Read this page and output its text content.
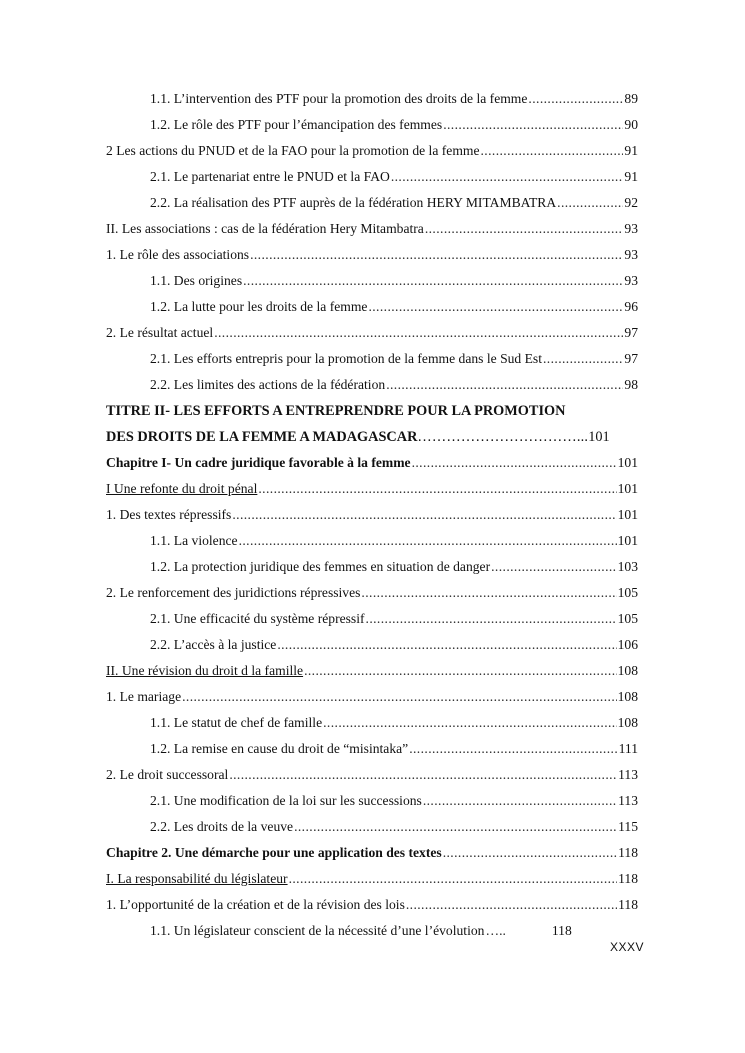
1.1. L’intervention des PTF pour la promotion des droits de la femme .....	89
1.2. Le rôle des PTF pour l’émancipation des femmes .....	90
2 Les actions du PNUD et de la FAO pour la promotion de la femme .....	91
2.1. Le partenariat entre le PNUD et la FAO .....	91
2.2. La réalisation des PTF auprès de la fédération HERY MITAMBATRA .....	92
II. Les associations : cas de la fédération Hery Mitambatra .....	93
1. Le rôle des associations .....	93
1.1. Des origines .....	93
1.2. La lutte pour les droits de la femme .....	96
2. Le résultat actuel .....	97
2.1. Les efforts entrepris pour la promotion de la femme dans le Sud Est .....	97
2.2. Les limites des actions de la fédération .....	98
TITRE II- LES EFFORTS A ENTREPRENDRE POUR LA PROMOTION
DES DROITS DE LA FEMME A MADAGASCAR ……………………………... 101
Chapitre I- Un cadre juridique favorable à la femme .....	101
I Une refonte du droit pénal .....	101
1. Des textes répressifs .....	101
1.1. La violence .....	101
1.2. La protection juridique des femmes en situation de danger .....	103
2. Le renforcement des juridictions répressives .....	105
2.1. Une efficacité du système répressif .....	105
2.2. L’accès à la justice .....	106
II. Une révision du droit d la famille .....	108
1. Le mariage .....	108
1.1. Le statut de chef de famille .....	108
1.2. La remise en cause du droit de “misintaka” .....	111
2. Le droit successoral .....	113
2.1. Une modification de la loi sur les successions .....	113
2.2. Les droits de la veuve .....	115
Chapitre 2. Une démarche pour une application des textes .....	118
I. La responsabilité du législateur .....	118
1. L’opportunité de la création et de la révision des lois .....	118
1.1. Un législateur conscient de la nécessité d’une l’évolution …..	118
XXXV
